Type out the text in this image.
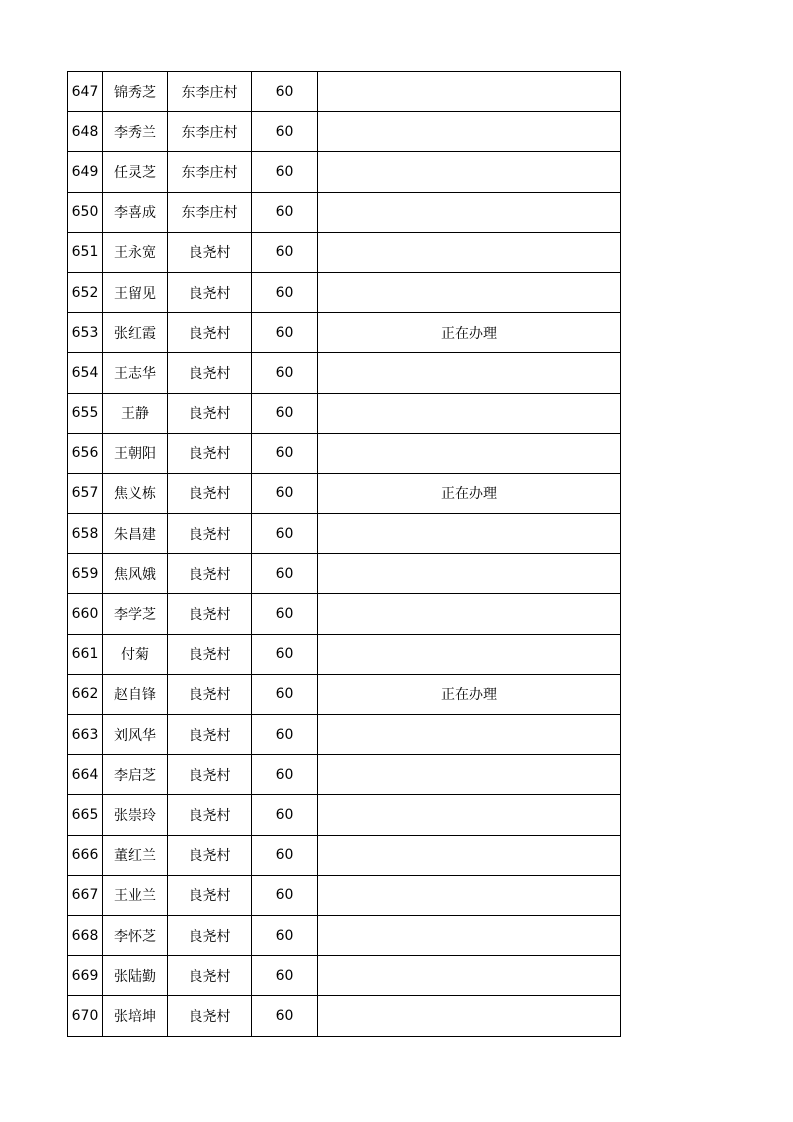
647	锦秀芝	东李庄村	60	
648	李秀兰	东李庄村	60	
649	任灵芝	东李庄村	60	
650	李喜成	东李庄村	60	
651	王永宽	良尧村	60	
652	王留见	良尧村	60	
653	张红霞	良尧村	60	正在办理
654	王志华	良尧村	60	
655	王静	良尧村	60	
656	王朝阳	良尧村	60	
657	焦义栋	良尧村	60	正在办理
658	朱昌建	良尧村	60	
659	焦风娥	良尧村	60	
660	李学芝	良尧村	60	
661	付菊	良尧村	60	
662	赵自锋	良尧村	60	正在办理
663	刘风华	良尧村	60	
664	李启芝	良尧村	60	
665	张崇玲	良尧村	60	
666	董红兰	良尧村	60	
667	王业兰	良尧村	60	
668	李怀芝	良尧村	60	
669	张陆勤	良尧村	60	
670	张培坤	良尧村	60	
